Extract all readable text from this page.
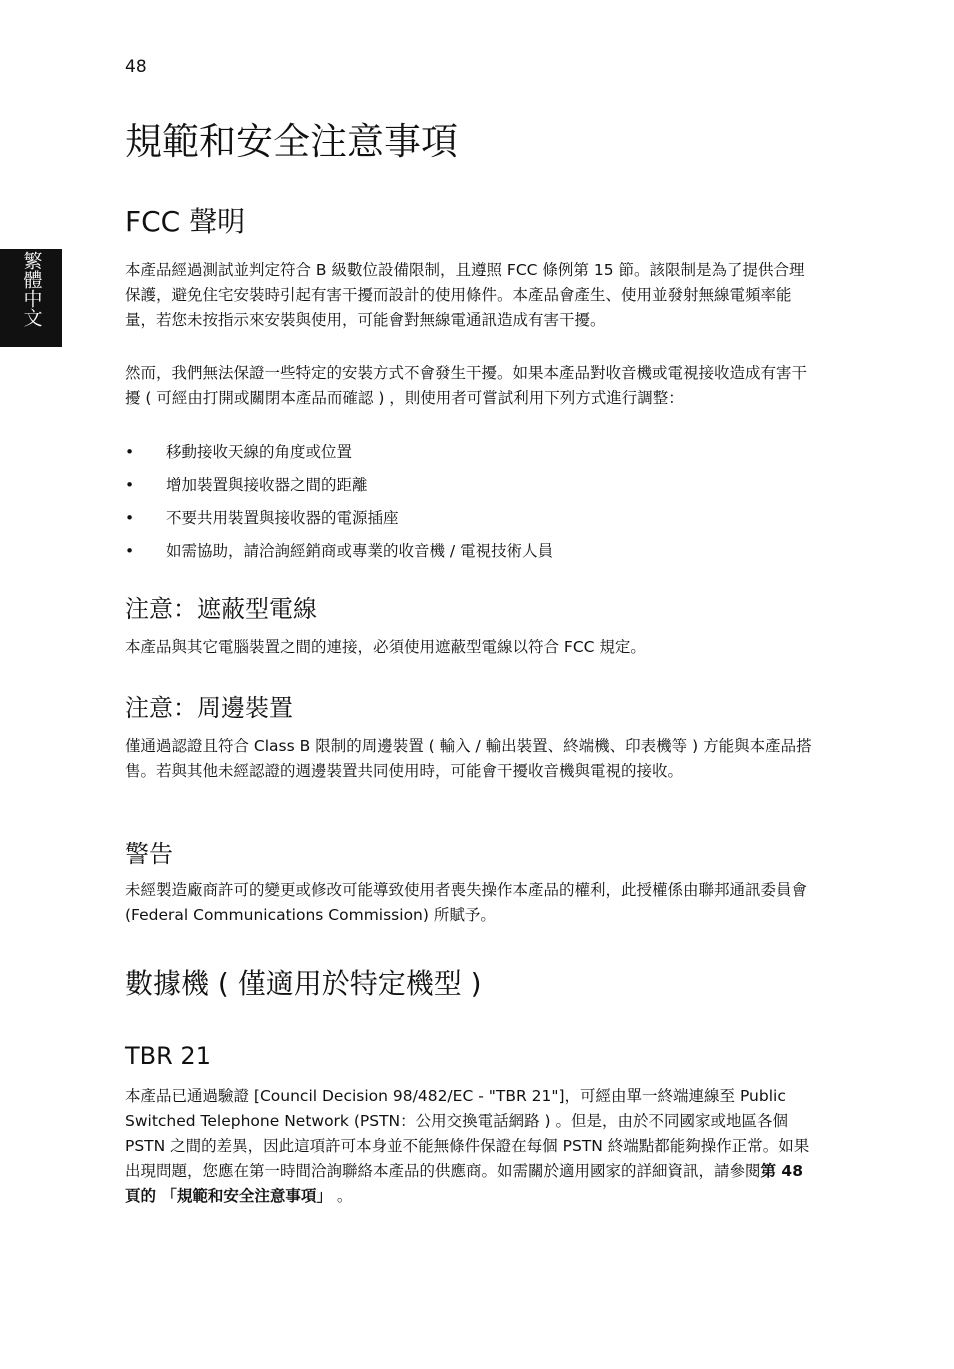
48
繁體中文
規範和安全注意事項
FCC 聲明

本產品經過測試並判定符合 B 級數位設備限制，且遵照 FCC 條例第 15 節。該限制是為了提供合理保護，避免住宅安裝時引起有害干擾而設計的使用條件。本產品會產生、使用並發射無線電頻率能量，若您未按指示來安裝與使用，可能會對無線電通訊造成有害干擾。

然而，我們無法保證一些特定的安裝方式不會發生干擾。如果本產品對收音機或電視接收造成有害干擾 ( 可經由打開或關閉本產品而確認 ) ，則使用者可嘗試利用下列方式進行調整：

• 移動接收天線的角度或位置
• 增加裝置與接收器之間的距離
• 不要共用裝置與接收器的電源插座
• 如需協助，請洽詢經銷商或專業的收音機 / 電視技術人員
注意：遮蔽型電線

本產品與其它電腦裝置之間的連接，必須使用遮蔽型電線以符合 FCC 規定。

注意：周邊裝置

僅通過認證且符合 Class B 限制的周邊裝置 ( 輸入 / 輸出裝置、終端機、印表機等 ) 方能與本產品搭售。若與其他未經認證的週邊裝置共同使用時，可能會干擾收音機與電視的接收。

警告

未經製造廠商許可的變更或修改可能導致使用者喪失操作本產品的權利，此授權係由聯邦通訊委員會 (Federal Communications Commission) 所賦予。

數據機 ( 僅適用於特定機型 )
TBR 21

本產品已通過驗證 [Council Decision 98/482/EC - "TBR 21"]，可經由單一終端連線至 Public Switched Telephone Network (PSTN：公用交換電話網路 ) 。但是，由於不同國家或地區各個 PSTN 之間的差異，因此這項許可本身並不能無條件保證在每個 PSTN 終端點都能夠操作正常。如果出現問題，您應在第一時間洽詢聯絡本產品的供應商。如需關於適用國家的詳細資訊，請參閱第 48 頁的 「規範和安全注意事項」 。
